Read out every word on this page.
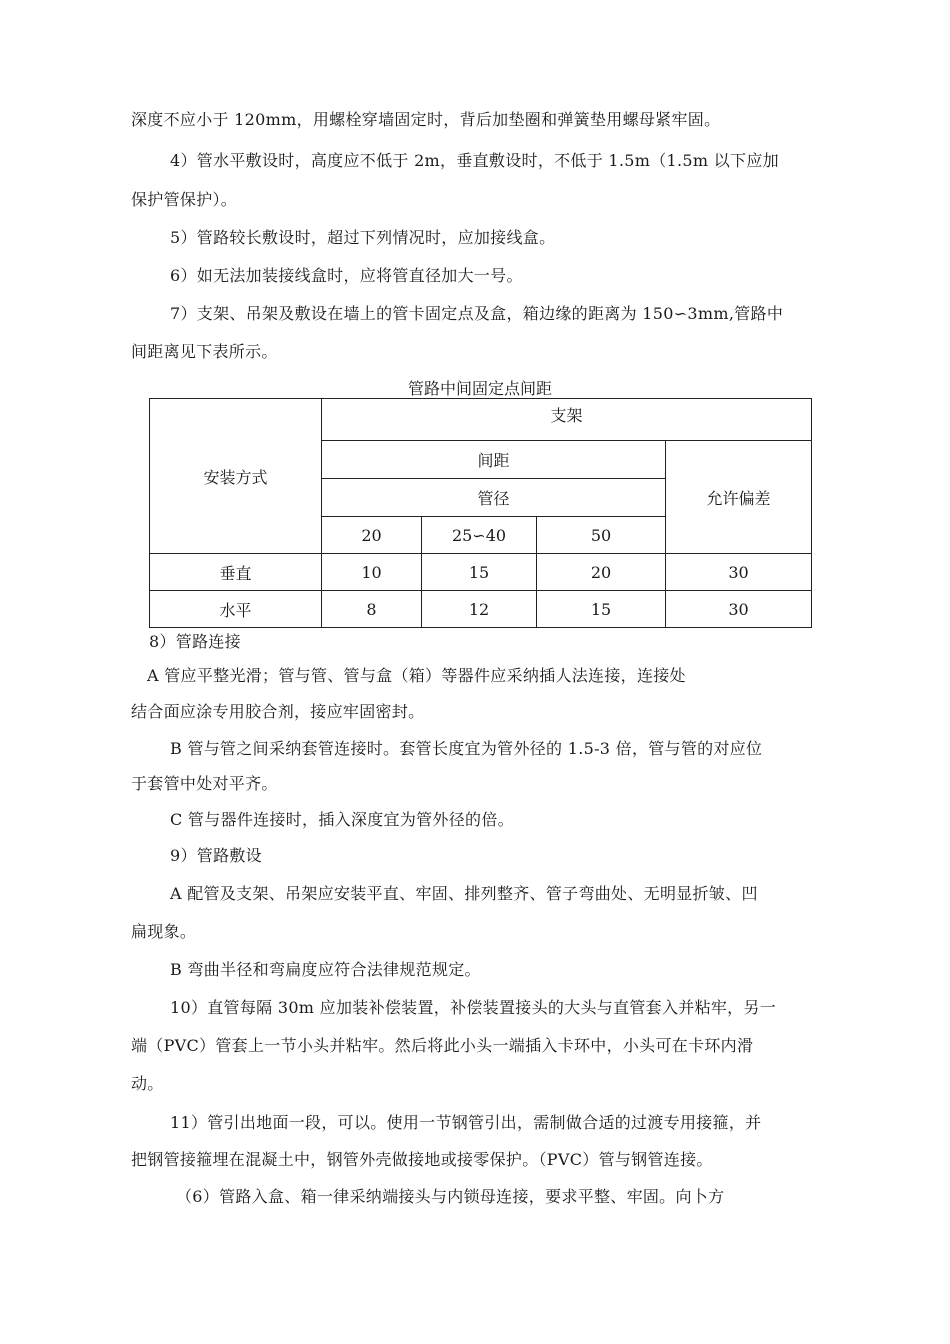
深度不应小于 120mm，用螺栓穿墙固定时，背后加垫圈和弹簧垫用螺母紧牢固。
4）管水平敷设时，高度应不低于 2m，垂直敷设时，不低于 1.5m（1.5m 以下应加
保护管保护）。
5）管路较长敷设时，超过下列情况时，应加接线盒。
6）如无法加装接线盒时，应将管直径加大一号。
7）支架、吊架及敷设在墙上的管卡固定点及盒，箱边缘的距离为 150∽3mm,管路中
间距离见下表所示。
管路中间固定点间距
安装方式	支架			
	间距			允许偏差
	管径			
	20	25∽40	50	
垂直	10	15	20	30
水平	8	12	15	30
8）管路连接
A 管应平整光滑；管与管、管与盒（箱）等器件应采纳插人法连接，连接处
结合面应涂专用胶合剂，接应牢固密封。
B 管与管之间采纳套管连接时。套管长度宜为管外径的 1.5-3 倍，管与管的对应位
于套管中处对平齐。
C 管与器件连接时，插入深度宜为管外径的倍。
9）管路敷设
A 配管及支架、吊架应安装平直、牢固、排列整齐、管子弯曲处、无明显折皱、凹
扁现象。
B 弯曲半径和弯扁度应符合法律规范规定。
10）直管每隔 30m 应加装补偿装置，补偿装置接头的大头与直管套入并粘牢，另一
端（PVC）管套上一节小头并粘牢。然后将此小头一端插入卡环中，小头可在卡环内滑
动。
11）管引出地面一段，可以。使用一节钢管引出，需制做合适的过渡专用接箍，并
把钢管接箍埋在混凝土中，钢管外壳做接地或接零保护。（PVC）管与钢管连接。
（6）管路入盒、箱一律采纳端接头与内锁母连接，要求平整、牢固。向卜方
